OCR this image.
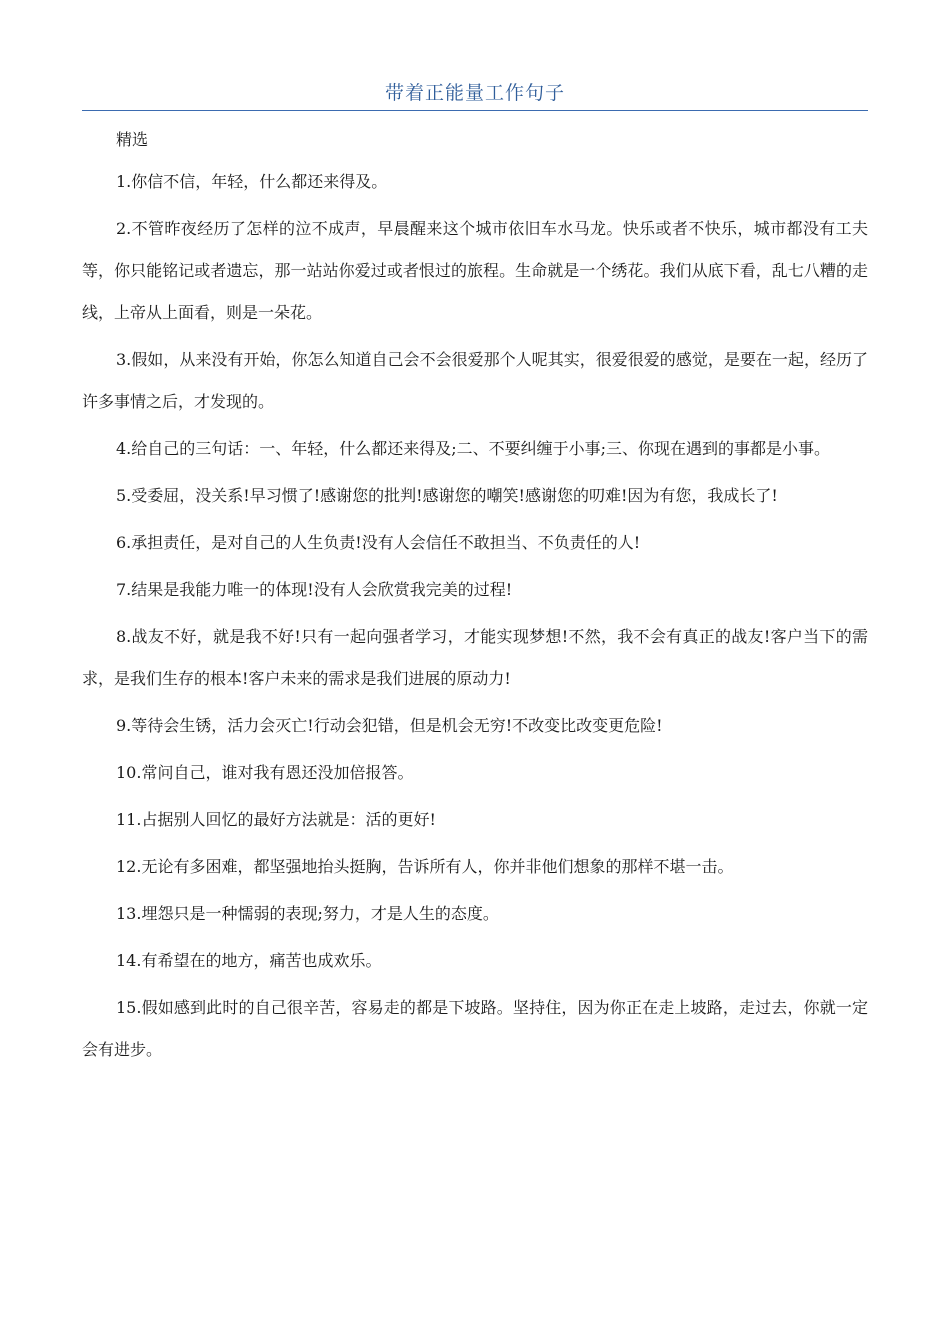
带着正能量工作句子

精选

1.你信不信，年轻，什么都还来得及。

2.不管昨夜经历了怎样的泣不成声，早晨醒来这个城市依旧车水马龙。快乐或者不快乐，城市都没有工夫等，你只能铭记或者遗忘，那一站站你爱过或者恨过的旅程。生命就是一个绣花。我们从底下看，乱七八糟的走线，上帝从上面看，则是一朵花。

3.假如，从来没有开始，你怎么知道自己会不会很爱那个人呢其实，很爱很爱的感觉，是要在一起，经历了许多事情之后，才发现的。

4.给自己的三句话：一、年轻，什么都还来得及;二、不要纠缠于小事;三、你现在遇到的事都是小事。

5.受委屈，没关系!早习惯了!感谢您的批判!感谢您的嘲笑!感谢您的叨难!因为有您，我成长了!

6.承担责任，是对自己的人生负责!没有人会信任不敢担当、不负责任的人!

7.结果是我能力唯一的体现!没有人会欣赏我完美的过程!

8.战友不好，就是我不好!只有一起向强者学习，才能实现梦想!不然，我不会有真正的战友!客户当下的需求，是我们生存的根本!客户未来的需求是我们进展的原动力!

9.等待会生锈，活力会灭亡!行动会犯错，但是机会无穷!不改变比改变更危险!

10.常问自己，谁对我有恩还没加倍报答。

11.占据别人回忆的最好方法就是：活的更好!

12.无论有多困难，都坚强地抬头挺胸，告诉所有人，你并非他们想象的那样不堪一击。

13.埋怨只是一种懦弱的表现;努力，才是人生的态度。

14.有希望在的地方，痛苦也成欢乐。

15.假如感到此时的自己很辛苦，容易走的都是下坡路。坚持住，因为你正在走上坡路，走过去，你就一定会有进步。
